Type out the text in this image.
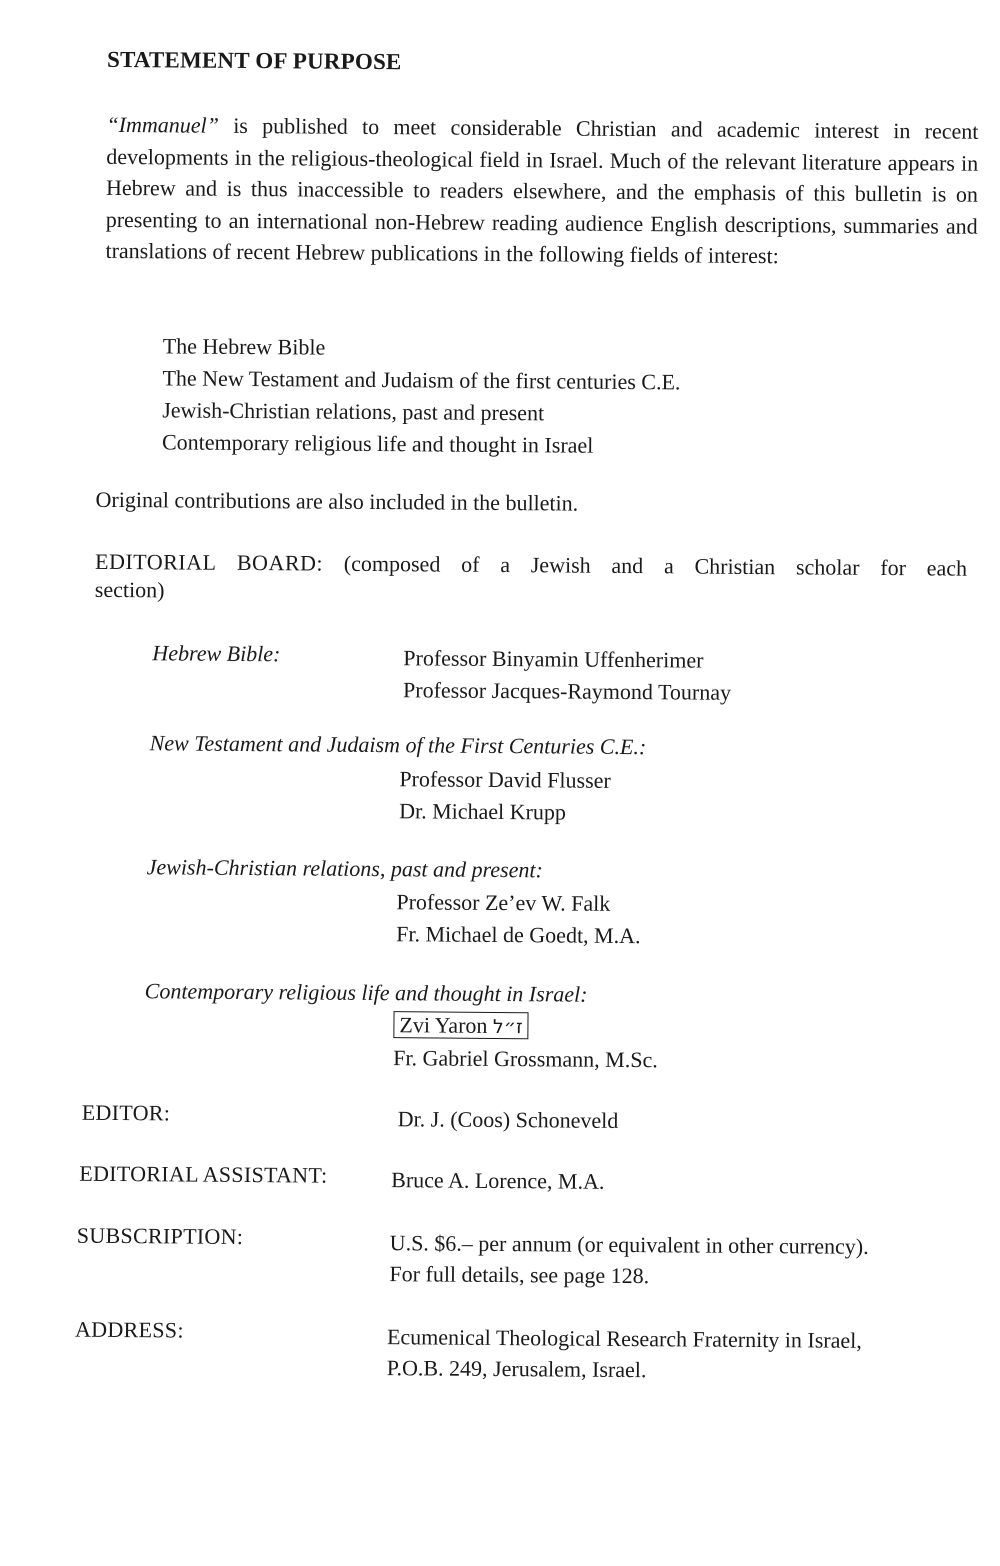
STATEMENT OF PURPOSE
“Immanuel” is published to meet considerable Christian and academic interest in recent developments in the religious-theological field in Israel. Much of the relevant literature appears in Hebrew and is thus inaccessible to readers elsewhere, and the emphasis of this bulletin is on presenting to an international non-Hebrew reading audience English descriptions, summaries and translations of recent Hebrew publications in the following fields of interest:
The Hebrew Bible
The New Testament and Judaism of the first centuries C.E.
Jewish-Christian relations, past and present
Contemporary religious life and thought in Israel
Original contributions are also included in the bulletin.
EDITORIAL BOARD: (composed of a Jewish and a Christian scholar for each
section)
Hebrew Bible:	Professor Binyamin Uffenherimer
Professor Jacques-Raymond Tournay
New Testament and Judaism of the First Centuries C.E.:
Professor David Flusser
Dr. Michael Krupp
Jewish-Christian relations, past and present:
Professor Ze’ev W. Falk
Fr. Michael de Goedt, M.A.
Contemporary religious life and thought in Israel:
Zvi Yaron ז״ל
Fr. Gabriel Grossmann, M.Sc.
EDITOR:	Dr. J. (Coos) Schoneveld
EDITORIAL ASSISTANT:	Bruce A. Lorence, M.A.
SUBSCRIPTION:	U.S. $6.– per annum (or equivalent in other currency).
For full details, see page 128.
ADDRESS:	Ecumenical Theological Research Fraternity in Israel,
P.O.B. 249, Jerusalem, Israel.
